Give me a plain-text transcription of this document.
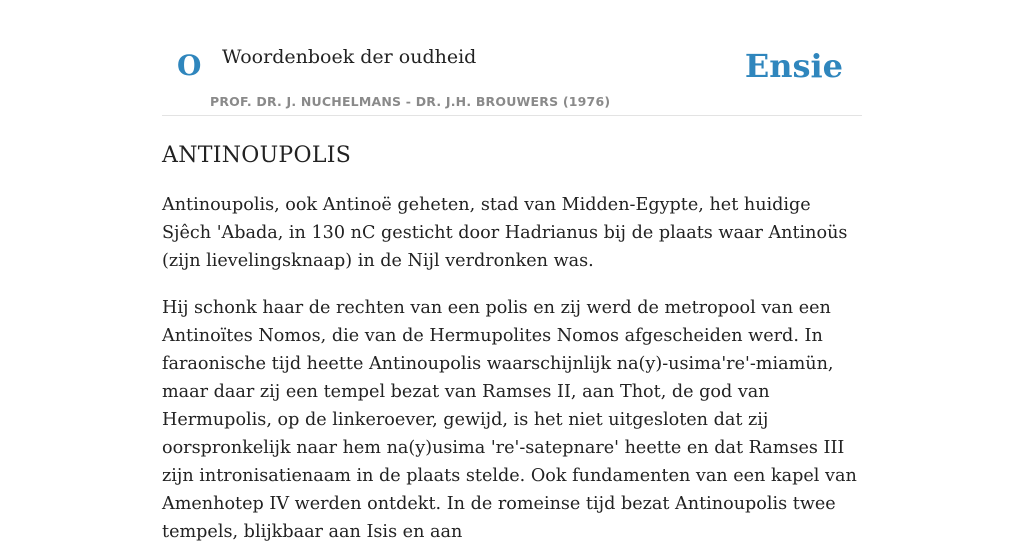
O Woordenboek der oudheid
PROF. DR. J. NUCHELMANS - DR. J.H. BROUWERS (1976)
Ensie
ANTINOUPOLIS

Antinoupolis, ook Antinoë geheten, stad van Midden-Egypte, het huidige Sjêch 'Abada, in 130 nC gesticht door Hadrianus bij de plaats waar Antinoüs (zijn lievelingsknaap) in de Nijl verdronken was.

Hij schonk haar de rechten van een polis en zij werd de metropool van een Antinoïtes Nomos, die van de Hermupolites Nomos afgescheiden werd. In faraonische tijd heette Antinoupolis waarschijnlijk na(y)-usima're'-miamün, maar daar zij een tempel bezat van Ramses II, aan Thot, de god van Hermupolis, op de linkeroever, gewijd, is het niet uitgesloten dat zij oorspronkelijk naar hem na(y)usima 're'-satepnare' heette en dat Ramses III zijn intronisatienaam in de plaats stelde. Ook fundamenten van een kapel van Amenhotep IV werden ontdekt. In de romeinse tijd bezat Antinoupolis twee tempels, blijkbaar aan Isis en aan
